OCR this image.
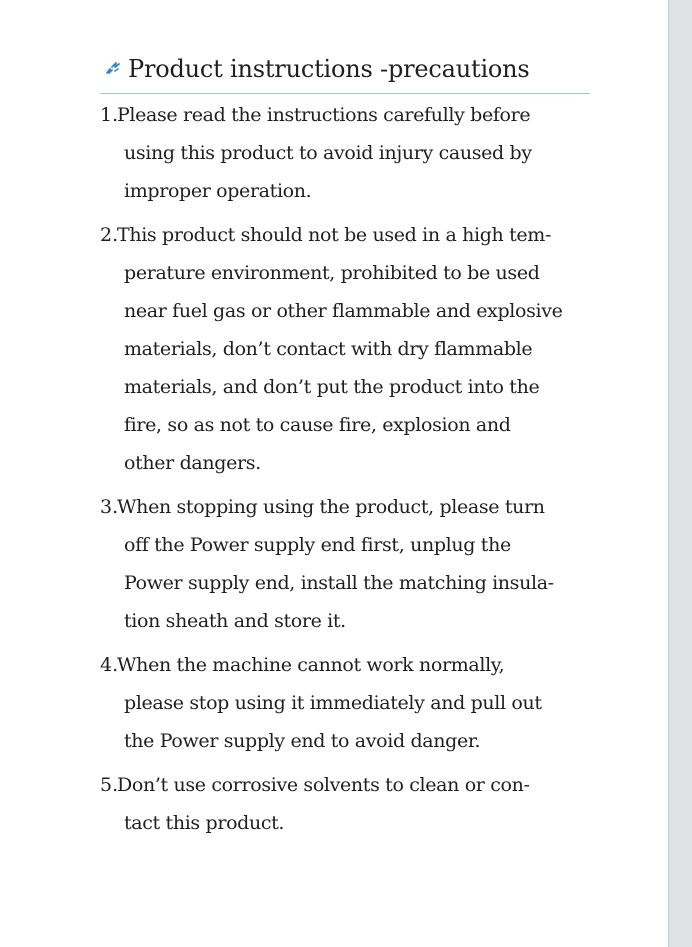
Product instructions -precautions
1.
Please read the instructions carefully before
using this product to avoid injury caused by
improper operation.
2.
This product should not be used in a high tem-
perature environment, prohibited to be used
near fuel gas or other flammable and explosive
materials, don’t contact with dry flammable
materials, and don’t put the product into the
fire, so as not to cause fire, explosion and
other dangers.
3.
When stopping using the product, please turn
off the Power supply end first, unplug the
Power supply end, install the matching insula-
tion sheath and store it.
4.
When the machine cannot work normally,
please stop using it immediately and pull out
the Power supply end to avoid danger.
5.
Don’t use corrosive solvents to clean or con-
tact this product.
